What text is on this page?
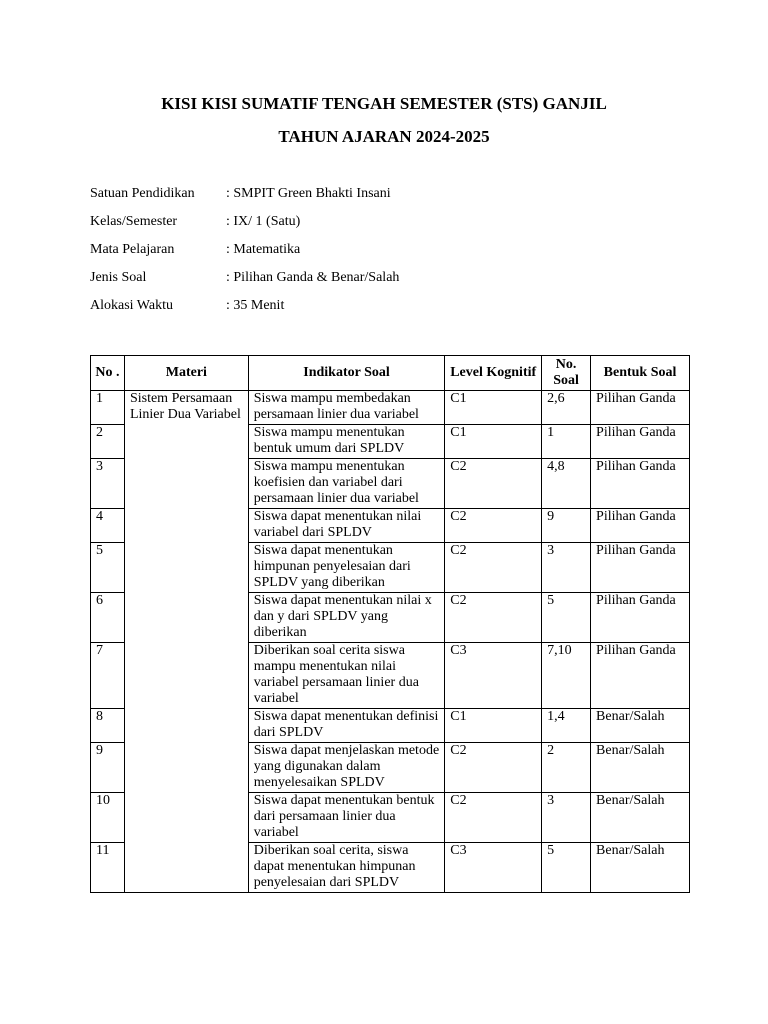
KISI KISI SUMATIF TENGAH SEMESTER (STS) GANJIL
TAHUN AJARAN 2024-2025
Satuan Pendidikan	: SMPIT Green Bhakti Insani
Kelas/Semester	: IX/ 1 (Satu)
Mata Pelajaran	: Matematika
Jenis Soal	: Pilihan Ganda & Benar/Salah
Alokasi Waktu	: 35 Menit
No .	Materi	Indikator Soal	Level Kognitif	No. Soal	Bentuk Soal
1	Sistem Persamaan Linier Dua Variabel	Siswa mampu membedakan persamaan linier dua variabel	C1	2,6	Pilihan Ganda
2		Siswa mampu menentukan bentuk umum dari SPLDV	C1	1	Pilihan Ganda
3		Siswa mampu menentukan koefisien dan variabel dari persamaan linier dua variabel	C2	4,8	Pilihan Ganda
4		Siswa dapat menentukan nilai variabel dari SPLDV	C2	9	Pilihan Ganda
5		Siswa dapat menentukan himpunan penyelesaian dari SPLDV yang diberikan	C2	3	Pilihan Ganda
6		Siswa dapat menentukan nilai x dan y dari SPLDV yang diberikan	C2	5	Pilihan Ganda
7		Diberikan soal cerita siswa mampu menentukan nilai variabel persamaan linier dua variabel	C3	7,10	Pilihan Ganda
8		Siswa dapat menentukan definisi dari SPLDV	C1	1,4	Benar/Salah
9		Siswa dapat menjelaskan metode yang digunakan dalam menyelesaikan SPLDV	C2	2	Benar/Salah
10		Siswa dapat menentukan bentuk dari persamaan linier dua variabel	C2	3	Benar/Salah
11		Diberikan soal cerita, siswa dapat menentukan himpunan penyelesaian dari SPLDV	C3	5	Benar/Salah
